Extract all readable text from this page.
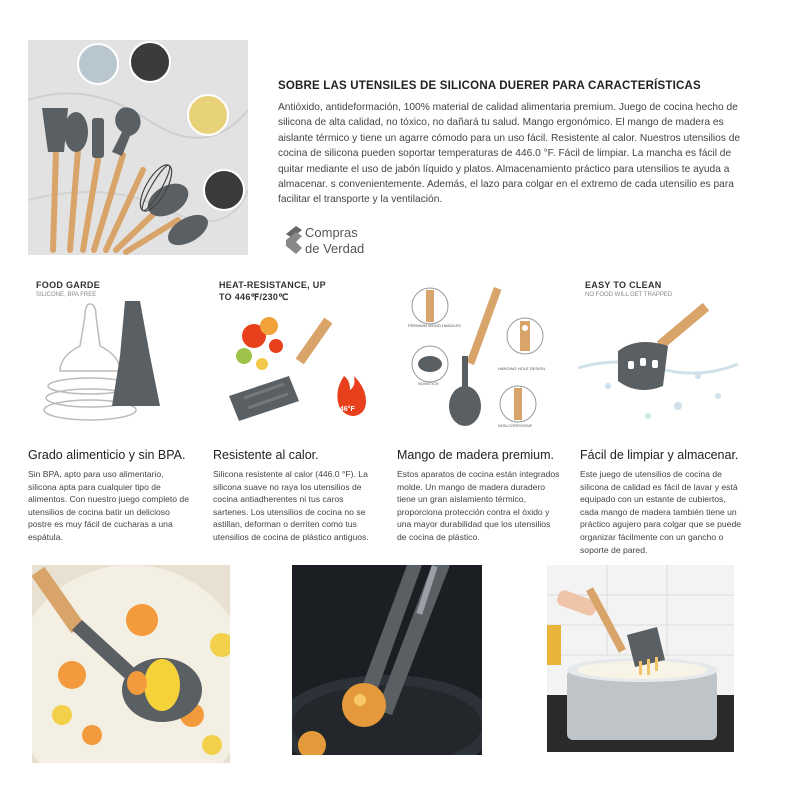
SOBRE LAS UTENSILES DE SILICONA DUERER PARA CARACTERÍSTICAS
Antióxido, antideformación, 100% material de calidad alimentaria premium. Juego de cocina hecho de silicona de alta calidad, no tóxico, no dañará tu salud. Mango ergonómico. El mango de madera es aislante térmico y tiene un agarre cómodo para un uso fácil. Resistente al calor. Nuestros utensilios de cocina de silicona pueden soportar temperaturas de 446.0 °F. Fácil de limpiar. La mancha es fácil de quitar mediante el uso de jabón líquido y platos. Almacenamiento práctico para utensilios te ayuda a almacenar. s convenientemente. Además, el lazo para colgar en el extremo de cada utensilio es para facilitar el transporte y la ventilación.
Compras
de Verdad
FOOD GARDE
SILICONE, BPA FREE
HEAT-RESISTANCE, UP
TO 446℉/230℃
446°F
PREMIUM WOOD HANDLES
HANGING HOLE DESIGN
NONSTICK
NON-CORROSIVE
EASY TO CLEAN
NO FOOD WILL GET TRAPPED
Grado alimenticio y sin BPA.
Sin BPA, apto para uso alimentario, silicona apta para cualquier tipo de alimentos. Con nuestro juego completo de utensilios de cocina batir un delicioso postre es muy fácil de cucharas a una espátula.
Resistente al calor.
Silicona resistente al calor (446.0 °F). La silicona suave no raya los utensilios de cocina antiadherentes ni tus caros sartenes. Los utensilios de cocina no se astillan, deforman o derriten como tus utensilios de cocina de plástico antiguos.
Mango de madera premium.
Estos aparatos de cocina están integrados molde. Un mango de madera duradero tiene un gran aislamiento térmico, proporciona protección contra el óxido y una mayor durabilidad que los utensilios de cocina de plástico.
Fácil de limpiar y almacenar.
Este juego de utensilios de cocina de silicona de calidad es fácil de lavar y está equipado con un estante de cubiertos, cada mango de madera también tiene un práctico agujero para colgar que se puede organizar fácilmente con un gancho o soporte de pared.
